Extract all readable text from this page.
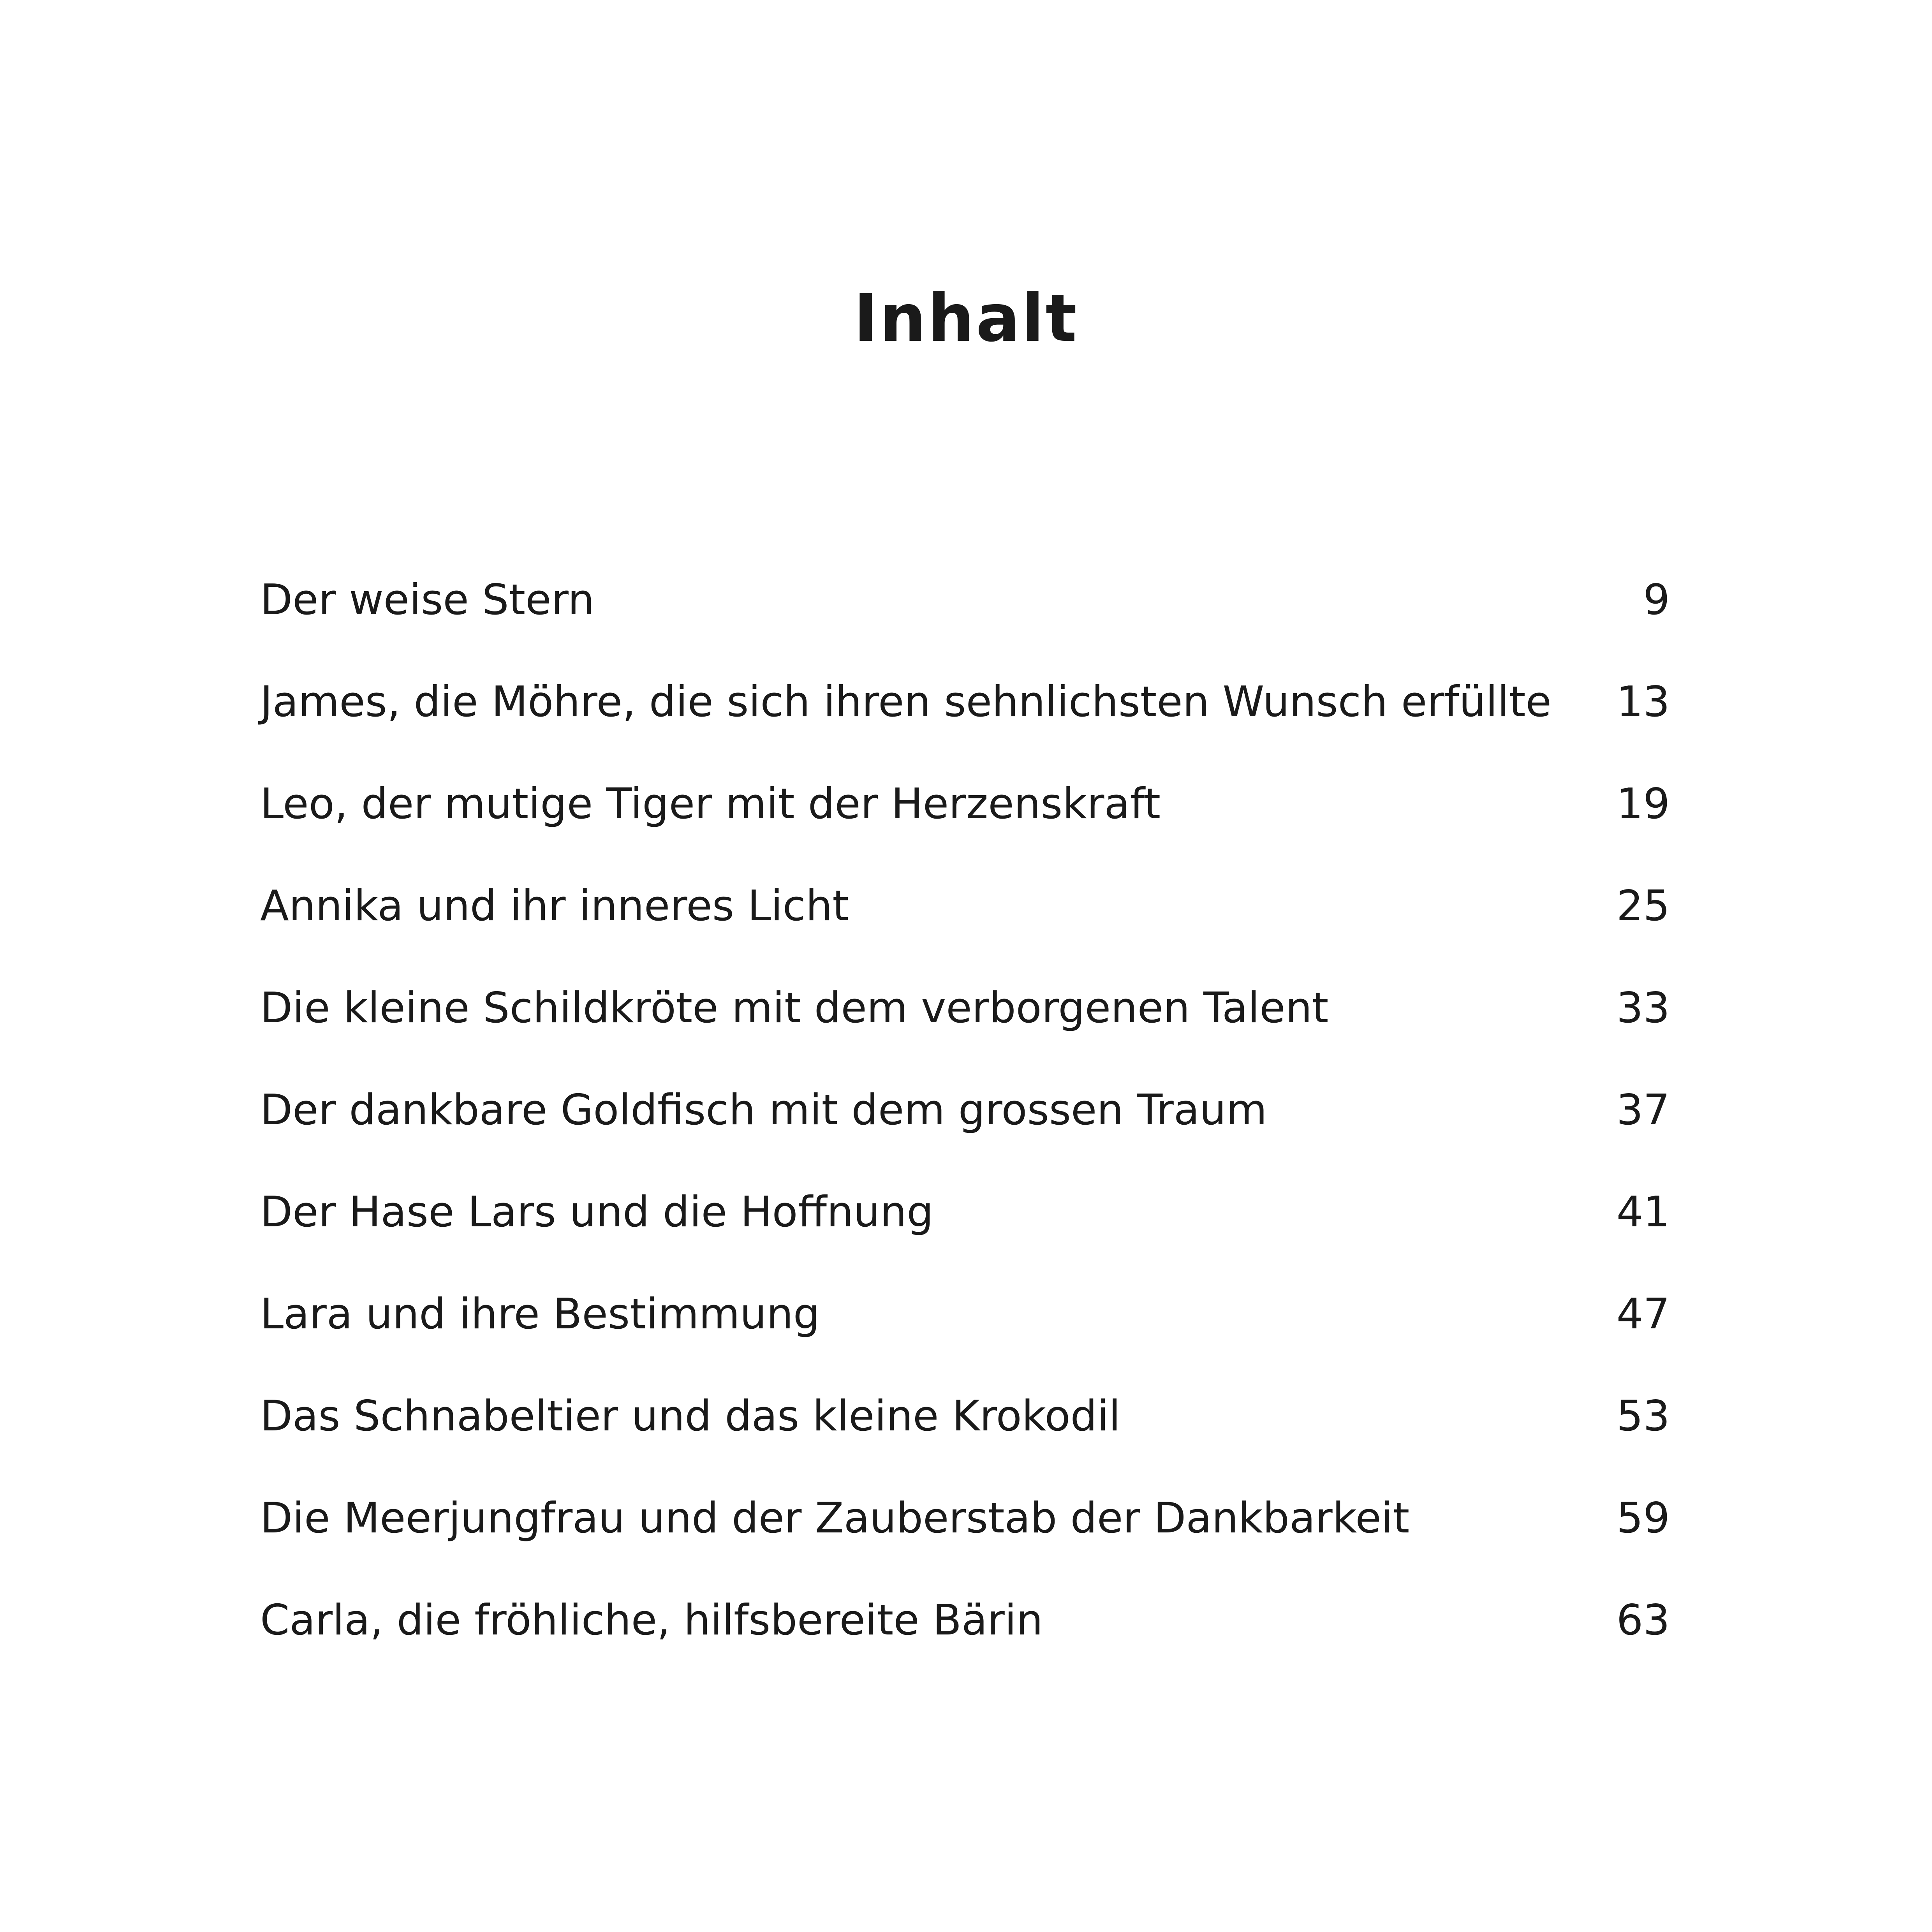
Inhalt
Der weise Stern	9
James, die Möhre, die sich ihren sehnlichsten Wunsch erfüllte	13
Leo, der mutige Tiger mit der Herzenskraft	19
Annika und ihr inneres Licht	25
Die kleine Schildkröte mit dem verborgenen Talent	33
Der dankbare Goldfisch mit dem grossen Traum	37
Der Hase Lars und die Hoffnung	41
Lara und ihre Bestimmung	47
Das Schnabeltier und das kleine Krokodil	53
Die Meerjungfrau und der Zauberstab der Dankbarkeit	59
Carla, die fröhliche, hilfsbereite Bärin	63
